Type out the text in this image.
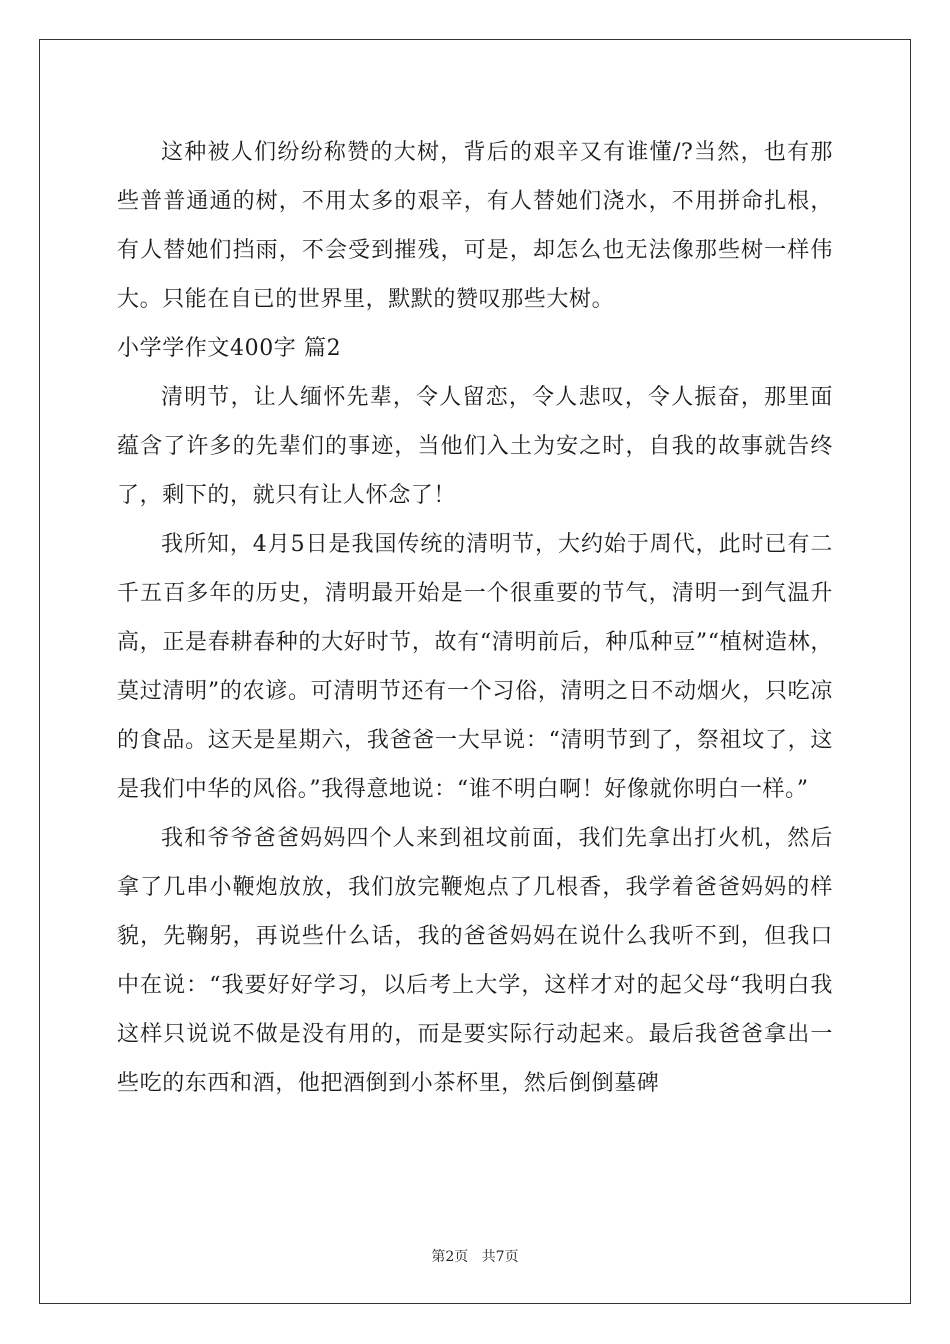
这种被人们纷纷称赞的大树，背后的艰辛又有谁懂/?当然，也有那些普普通通的树，不用太多的艰辛，有人替她们浇水，不用拼命扎根，有人替她们挡雨，不会受到摧残，可是，却怎么也无法像那些树一样伟大。只能在自已的世界里，默默的赞叹那些大树。

小学学作文400字 篇2

清明节，让人缅怀先辈，令人留恋，令人悲叹，令人振奋，那里面蕴含了许多的先辈们的事迹，当他们入土为安之时，自我的故事就告终了，剩下的，就只有让人怀念了！

我所知，4月5日是我国传统的清明节，大约始于周代，此时已有二千五百多年的历史，清明最开始是一个很重要的节气，清明一到气温升高，正是春耕春种的大好时节，故有“清明前后，种瓜种豆”“植树造林，莫过清明”的农谚。可清明节还有一个习俗，清明之日不动烟火，只吃凉的食品。这天是星期六，我爸爸一大早说：“清明节到了，祭祖坟了，这是我们中华的风俗。”我得意地说：“谁不明白啊！好像就你明白一样。”

我和爷爷爸爸妈妈四个人来到祖坟前面，我们先拿出打火机，然后拿了几串小鞭炮放放，我们放完鞭炮点了几根香，我学着爸爸妈妈的样貌，先鞠躬，再说些什么话，我的爸爸妈妈在说什么我听不到，但我口中在说：“我要好好学习，以后考上大学，这样才对的起父母“我明白我这样只说说不做是没有用的，而是要实际行动起来。最后我爸爸拿出一些吃的东西和酒，他把酒倒到小茶杯里，然后倒倒墓碑

第2页 共7页
